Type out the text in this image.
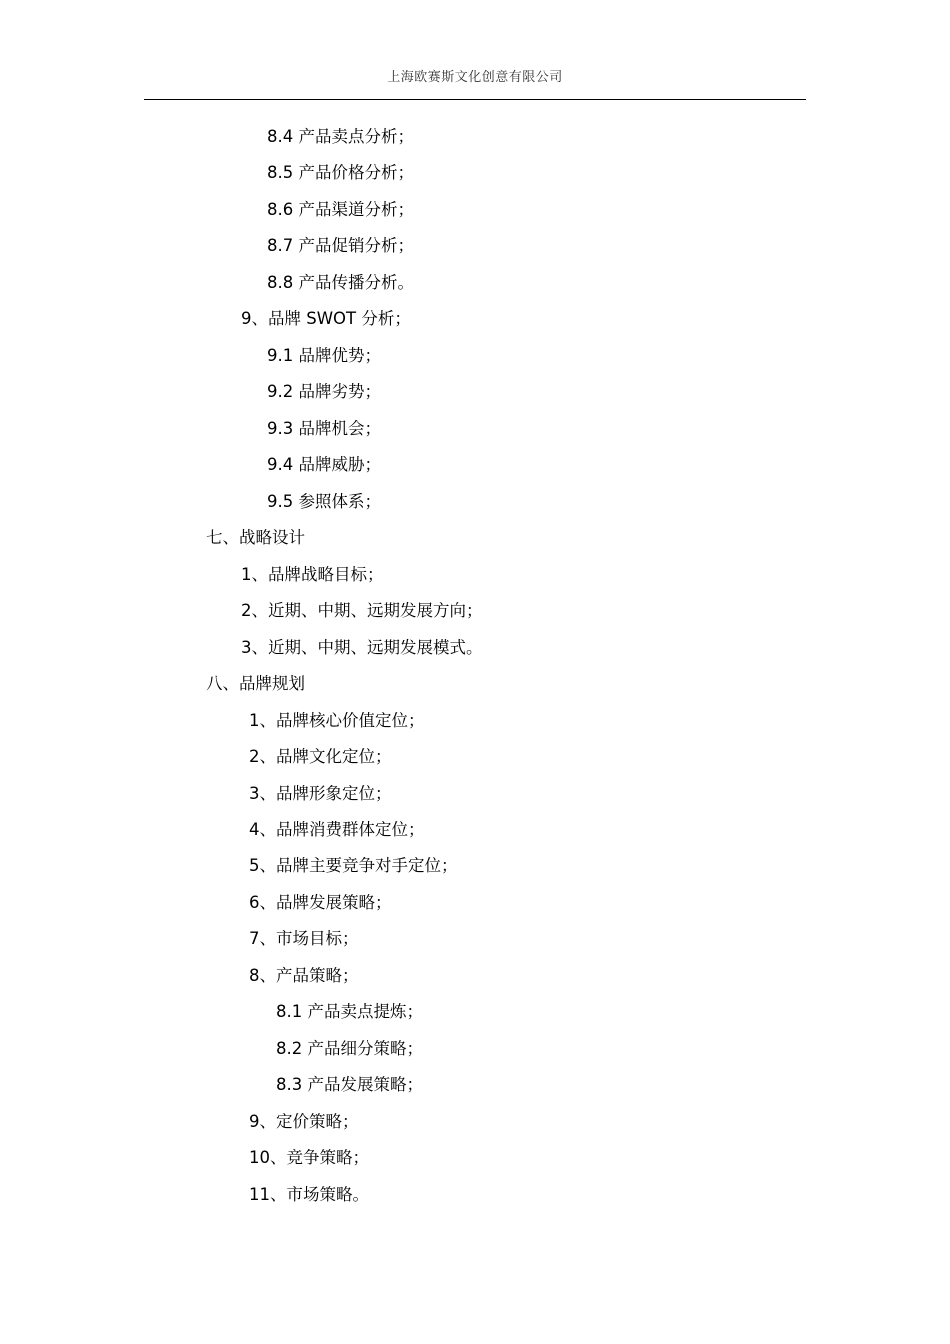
上海欧赛斯文化创意有限公司
8.4 产品卖点分析；
8.5 产品价格分析；
8.6 产品渠道分析；
8.7 产品促销分析；
8.8 产品传播分析。
9、品牌 SWOT 分析；
9.1 品牌优势；
9.2 品牌劣势；
9.3 品牌机会；
9.4 品牌威胁；
9.5 参照体系；
七、战略设计
1、品牌战略目标；
2、近期、中期、远期发展方向；
3、近期、中期、远期发展模式。
八、品牌规划
1、品牌核心价值定位；
2、品牌文化定位；
3、品牌形象定位；
4、品牌消费群体定位；
5、品牌主要竞争对手定位；
6、品牌发展策略；
7、市场目标；
8、产品策略；
8.1 产品卖点提炼；
8.2 产品细分策略；
8.3 产品发展策略；
9、定价策略；
10、竞争策略；
11、市场策略。
